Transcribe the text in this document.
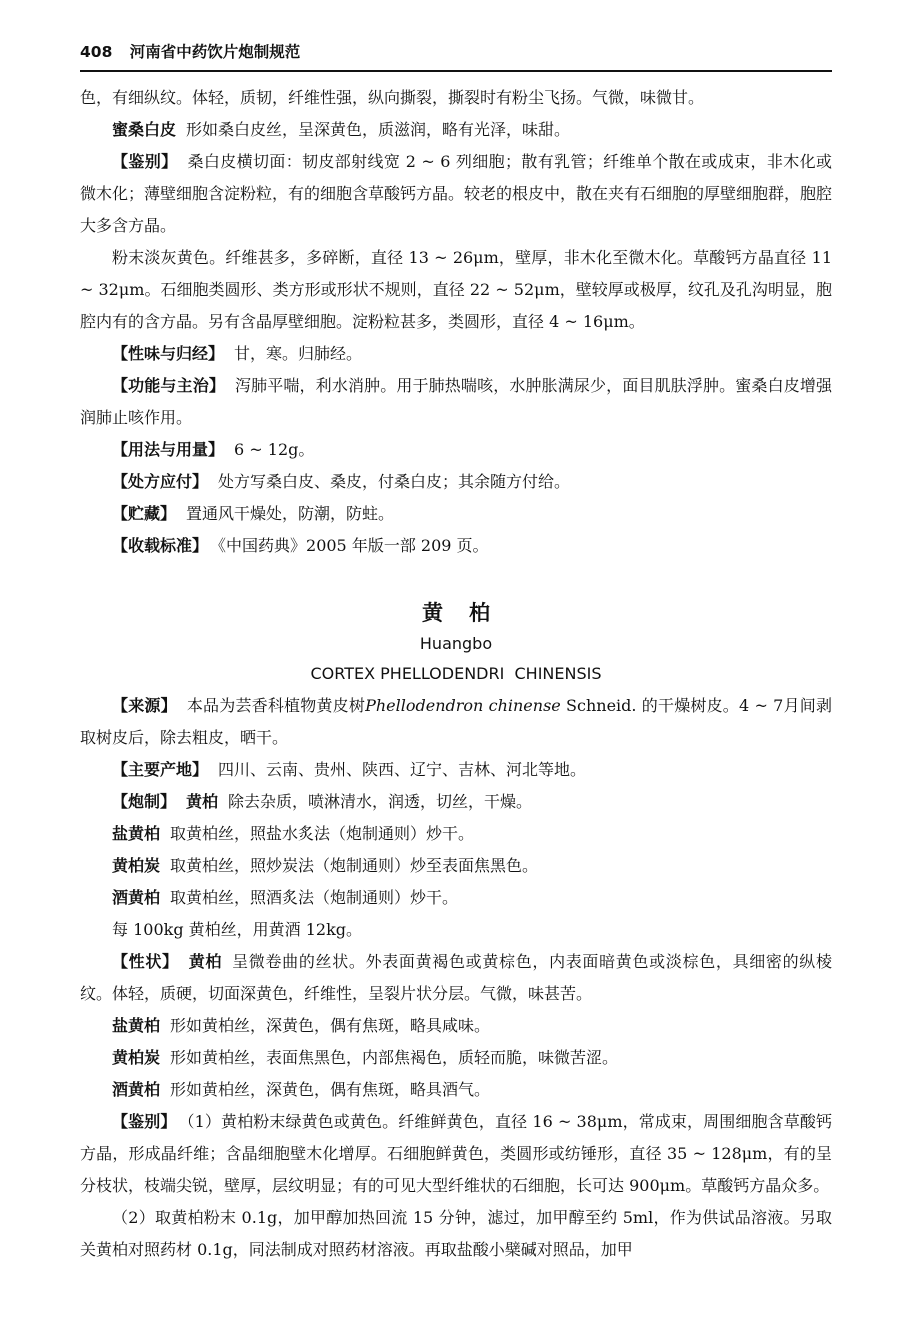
408 河南省中药饮片炮制规范

色，有细纵纹。体轻，质韧，纤维性强，纵向撕裂，撕裂时有粉尘飞扬。气微，味微甘。

蜜桑白皮 形如桑白皮丝，呈深黄色，质滋润，略有光泽，味甜。

【鉴别】 桑白皮横切面：韧皮部射线宽 2 ~ 6 列细胞；散有乳管；纤维单个散在或成束，非木化或微木化；薄壁细胞含淀粉粒，有的细胞含草酸钙方晶。较老的根皮中，散在夹有石细胞的厚壁细胞群，胞腔大多含方晶。

粉末淡灰黄色。纤维甚多，多碎断，直径 13 ~ 26μm，壁厚，非木化至微木化。草酸钙方晶直径 11 ~ 32μm。石细胞类圆形、类方形或形状不规则，直径 22 ~ 52μm，壁较厚或极厚，纹孔及孔沟明显，胞腔内有的含方晶。另有含晶厚壁细胞。淀粉粒甚多，类圆形，直径 4 ~ 16μm。

【性味与归经】 甘，寒。归肺经。

【功能与主治】 泻肺平喘，利水消肿。用于肺热喘咳，水肿胀满尿少，面目肌肤浮肿。蜜桑白皮增强润肺止咳作用。

【用法与用量】 6 ~ 12g。

【处方应付】 处方写桑白皮、桑皮，付桑白皮；其余随方付给。

【贮藏】 置通风干燥处，防潮，防蛀。

【收载标准】 《中国药典》2005 年版一部 209 页。

黄柏
Huangbo
CORTEX PHELLODENDRI  CHINENSIS

【来源】 本品为芸香科植物黄皮树Phellodendron chinense Schneid. 的干燥树皮。4 ~ 7月间剥取树皮后，除去粗皮，晒干。

【主要产地】 四川、云南、贵州、陕西、辽宁、吉林、河北等地。

【炮制】 黄柏 除去杂质，喷淋清水，润透，切丝，干燥。

盐黄柏 取黄柏丝，照盐水炙法（炮制通则）炒干。

黄柏炭 取黄柏丝，照炒炭法（炮制通则）炒至表面焦黑色。

酒黄柏 取黄柏丝，照酒炙法（炮制通则）炒干。

每 100kg 黄柏丝，用黄酒 12kg。

【性状】 黄柏 呈微卷曲的丝状。外表面黄褐色或黄棕色，内表面暗黄色或淡棕色，具细密的纵棱纹。体轻，质硬，切面深黄色，纤维性，呈裂片状分层。气微，味甚苦。

盐黄柏 形如黄柏丝，深黄色，偶有焦斑，略具咸味。

黄柏炭 形如黄柏丝，表面焦黑色，内部焦褐色，质轻而脆，味微苦涩。

酒黄柏 形如黄柏丝，深黄色，偶有焦斑，略具酒气。

【鉴别】 （1）黄柏粉末绿黄色或黄色。纤维鲜黄色，直径 16 ~ 38μm，常成束，周围细胞含草酸钙方晶，形成晶纤维；含晶细胞壁木化增厚。石细胞鲜黄色，类圆形或纺锤形，直径 35 ~ 128μm，有的呈分枝状，枝端尖锐，壁厚，层纹明显；有的可见大型纤维状的石细胞，长可达 900μm。草酸钙方晶众多。

（2）取黄柏粉末 0.1g，加甲醇加热回流 15 分钟，滤过，加甲醇至约 5ml，作为供试品溶液。另取关黄柏对照药材 0.1g，同法制成对照药材溶液。再取盐酸小檗碱对照品，加甲
